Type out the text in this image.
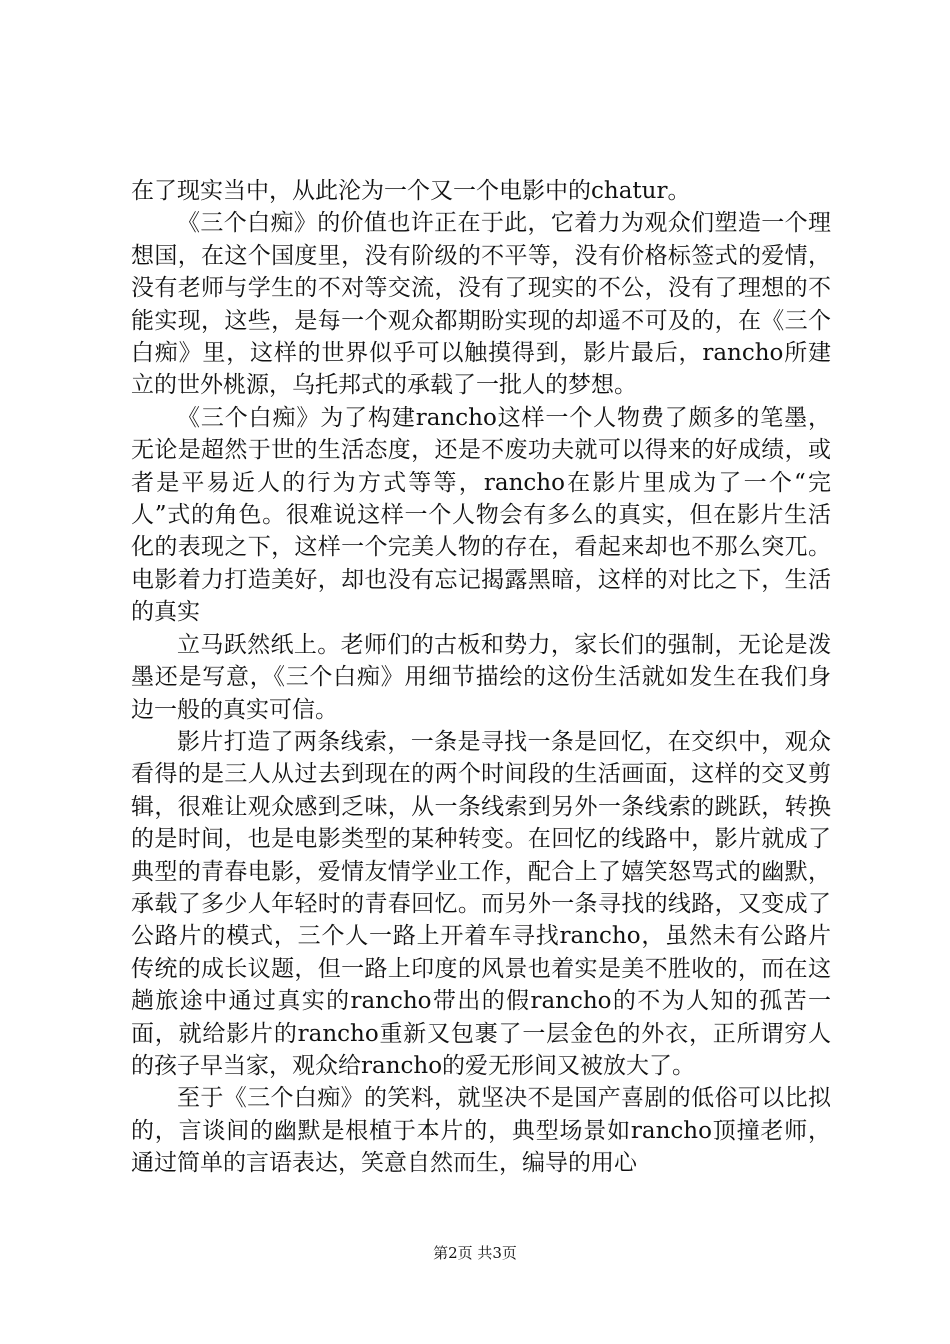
在了现实当中，从此沦为一个又一个电影中的chatur。

《三个白痴》的价值也许正在于此，它着力为观众们塑造一个理想国，在这个国度里，没有阶级的不平等，没有价格标签式的爱情，没有老师与学生的不对等交流，没有了现实的不公，没有了理想的不能实现，这些，是每一个观众都期盼实现的却遥不可及的，在《三个白痴》里，这样的世界似乎可以触摸得到，影片最后，rancho所建立的世外桃源，乌托邦式的承载了一批人的梦想。

《三个白痴》为了构建rancho这样一个人物费了颇多的笔墨，无论是超然于世的生活态度，还是不废功夫就可以得来的好成绩，或者是平易近人的行为方式等等，rancho在影片里成为了一个“完人”式的角色。很难说这样一个人物会有多么的真实，但在影片生活化的表现之下，这样一个完美人物的存在，看起来却也不那么突兀。电影着力打造美好，却也没有忘记揭露黑暗，这样的对比之下，生活的真实

立马跃然纸上。老师们的古板和势力，家长们的强制，无论是泼墨还是写意，《三个白痴》用细节描绘的这份生活就如发生在我们身边一般的真实可信。

影片打造了两条线索，一条是寻找一条是回忆，在交织中，观众看得的是三人从过去到现在的两个时间段的生活画面，这样的交叉剪辑，很难让观众感到乏味，从一条线索到另外一条线索的跳跃，转换的是时间，也是电影类型的某种转变。在回忆的线路中，影片就成了典型的青春电影，爱情友情学业工作，配合上了嬉笑怒骂式的幽默，承载了多少人年轻时的青春回忆。而另外一条寻找的线路，又变成了公路片的模式，三个人一路上开着车寻找rancho，虽然未有公路片传统的成长议题，但一路上印度的风景也着实是美不胜收的，而在这趟旅途中通过真实的rancho带出的假rancho的不为人知的孤苦一面，就给影片的rancho重新又包裹了一层金色的外衣，正所谓穷人的孩子早当家，观众给rancho的爱无形间又被放大了。

至于《三个白痴》的笑料，就坚决不是国产喜剧的低俗可以比拟的，言谈间的幽默是根植于本片的，典型场景如rancho顶撞老师，通过简单的言语表达，笑意自然而生，编导的用心

第2页 共3页
